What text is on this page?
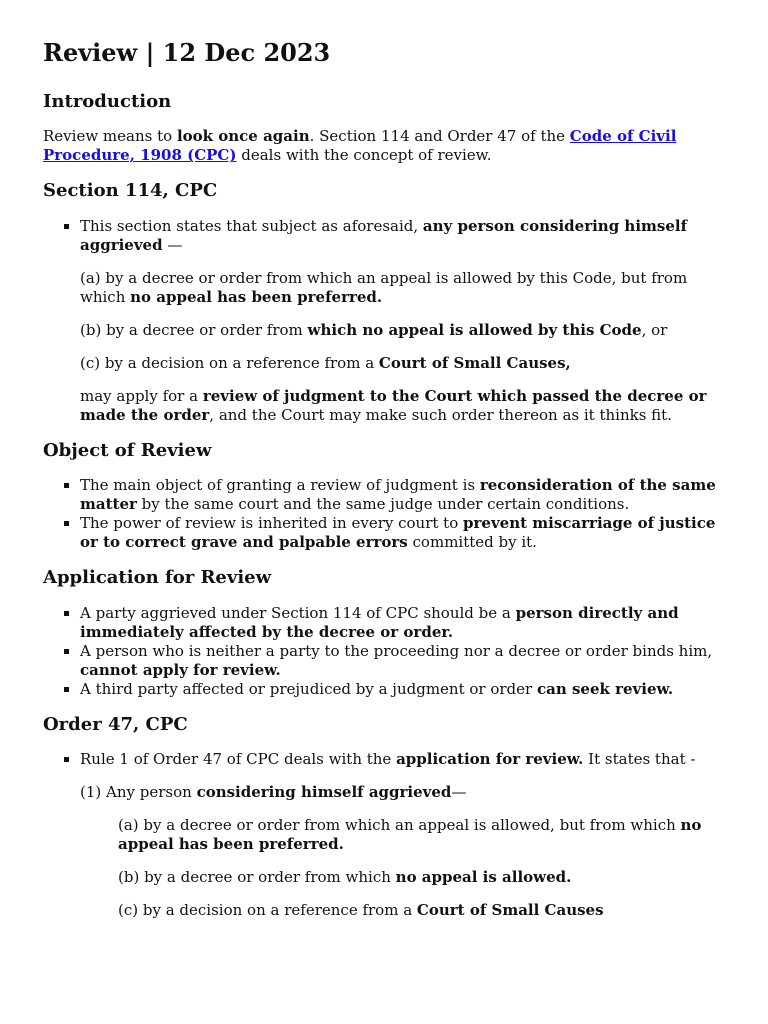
Review | 12 Dec 2023
Introduction

Review means to look once again. Section 114 and Order 47 of the Code of Civil Procedure, 1908 (CPC) deals with the concept of review.

Section 114, CPC

▪ This section states that subject as aforesaid, any person considering himself aggrieved —

(a) by a decree or order from which an appeal is allowed by this Code, but from which no appeal has been preferred.

(b) by a decree or order from which no appeal is allowed by this Code, or

(c) by a decision on a reference from a Court of Small Causes,

may apply for a review of judgment to the Court which passed the decree or made the order, and the Court may make such order thereon as it thinks fit.

Object of Review
▪ The main object of granting a review of judgment is reconsideration of the same matter by the same court and the same judge under certain conditions.
▪ The power of review is inherited in every court to prevent miscarriage of justice or to correct grave and palpable errors committed by it.
Application for Review
▪ A party aggrieved under Section 114 of CPC should be a person directly and immediately affected by the decree or order.
▪ A person who is neither a party to the proceeding nor a decree or order binds him, cannot apply for review.
▪ A third party affected or prejudiced by a judgment or order can seek review.
Order 47, CPC

▪ Rule 1 of Order 47 of CPC deals with the application for review. It states that -

(1) Any person considering himself aggrieved—

(a) by a decree or order from which an appeal is allowed, but from which no appeal has been preferred.

(b) by a decree or order from which no appeal is allowed.

(c) by a decision on a reference from a Court of Small Causes
